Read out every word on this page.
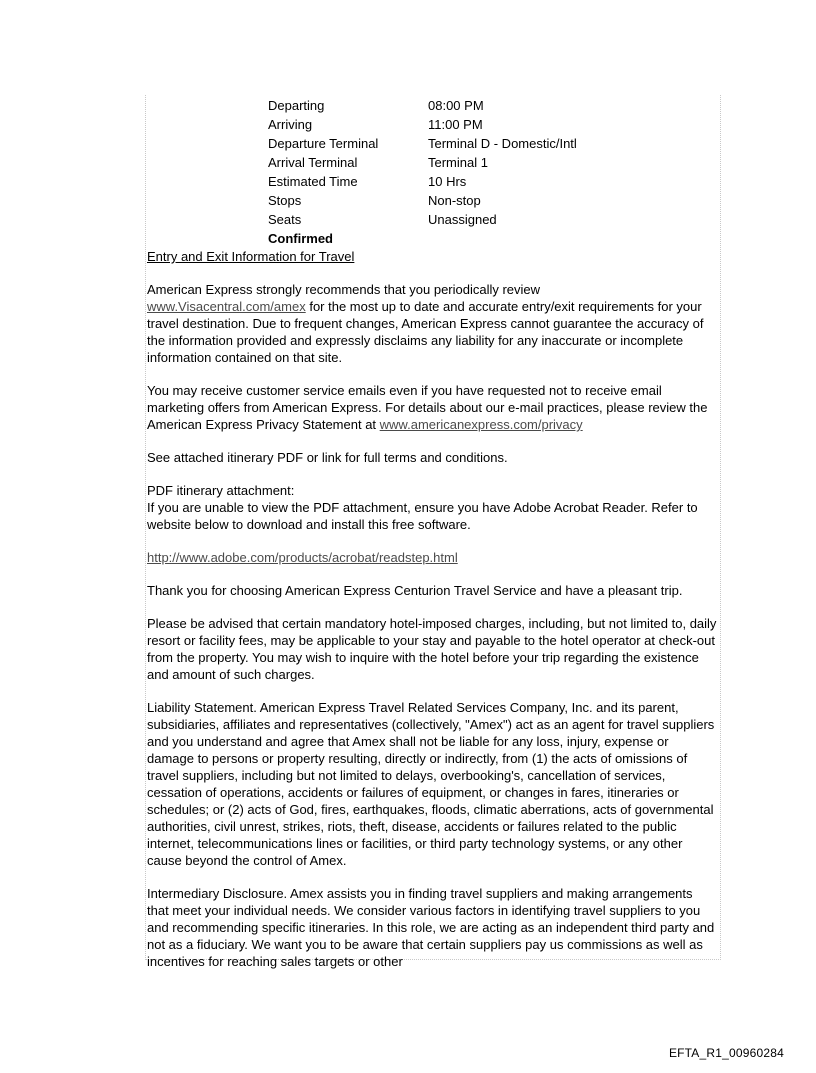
Departing	08:00 PM
Arriving	11:00 PM
Departure Terminal	Terminal D - Domestic/Intl
Arrival Terminal	Terminal 1
Estimated Time	10 Hrs
Stops	Non-stop
Seats	Unassigned
Confirmed

Entry and Exit Information for Travel

American Express strongly recommends that you periodically review
www.Visacentral.com/amex for the most up to date and accurate entry/exit requirements for your travel destination. Due to frequent changes, American Express cannot guarantee the accuracy of the information provided and expressly disclaims any liability for any inaccurate or incomplete information contained on that site.

You may receive customer service emails even if you have requested not to receive email marketing offers from American Express. For details about our e-mail practices, please review the American Express Privacy Statement at www.americanexpress.com/privacy

See attached itinerary PDF or link for full terms and conditions.

PDF itinerary attachment:

If you are unable to view the PDF attachment, ensure you have Adobe Acrobat Reader. Refer to website below to download and install this free software.

http://www.adobe.com/products/acrobat/readstep.html

Thank you for choosing American Express Centurion Travel Service and have a pleasant trip.

Please be advised that certain mandatory hotel-imposed charges, including, but not limited to, daily resort or facility fees, may be applicable to your stay and payable to the hotel operator at check-out from the property. You may wish to inquire with the hotel before your trip regarding the existence and amount of such charges.

Liability Statement. American Express Travel Related Services Company, Inc. and its parent, subsidiaries, affiliates and representatives (collectively, "Amex") act as an agent for travel suppliers and you understand and agree that Amex shall not be liable for any loss, injury, expense or damage to persons or property resulting, directly or indirectly, from (1) the acts of omissions of travel suppliers, including but not limited to delays, overbooking's, cancellation of services, cessation of operations, accidents or failures of equipment, or changes in fares, itineraries or schedules; or (2) acts of God, fires, earthquakes, floods, climatic aberrations, acts of governmental authorities, civil unrest, strikes, riots, theft, disease, accidents or failures related to the public internet, telecommunications lines or facilities, or third party technology systems, or any other cause beyond the control of Amex.

Intermediary Disclosure. Amex assists you in finding travel suppliers and making arrangements that meet your individual needs. We consider various factors in identifying travel suppliers to you and recommending specific itineraries. In this role, we are acting as an independent third party and not as a fiduciary. We want you to be aware that certain suppliers pay us commissions as well as incentives for reaching sales targets or other

EFTA_R1_00960284
